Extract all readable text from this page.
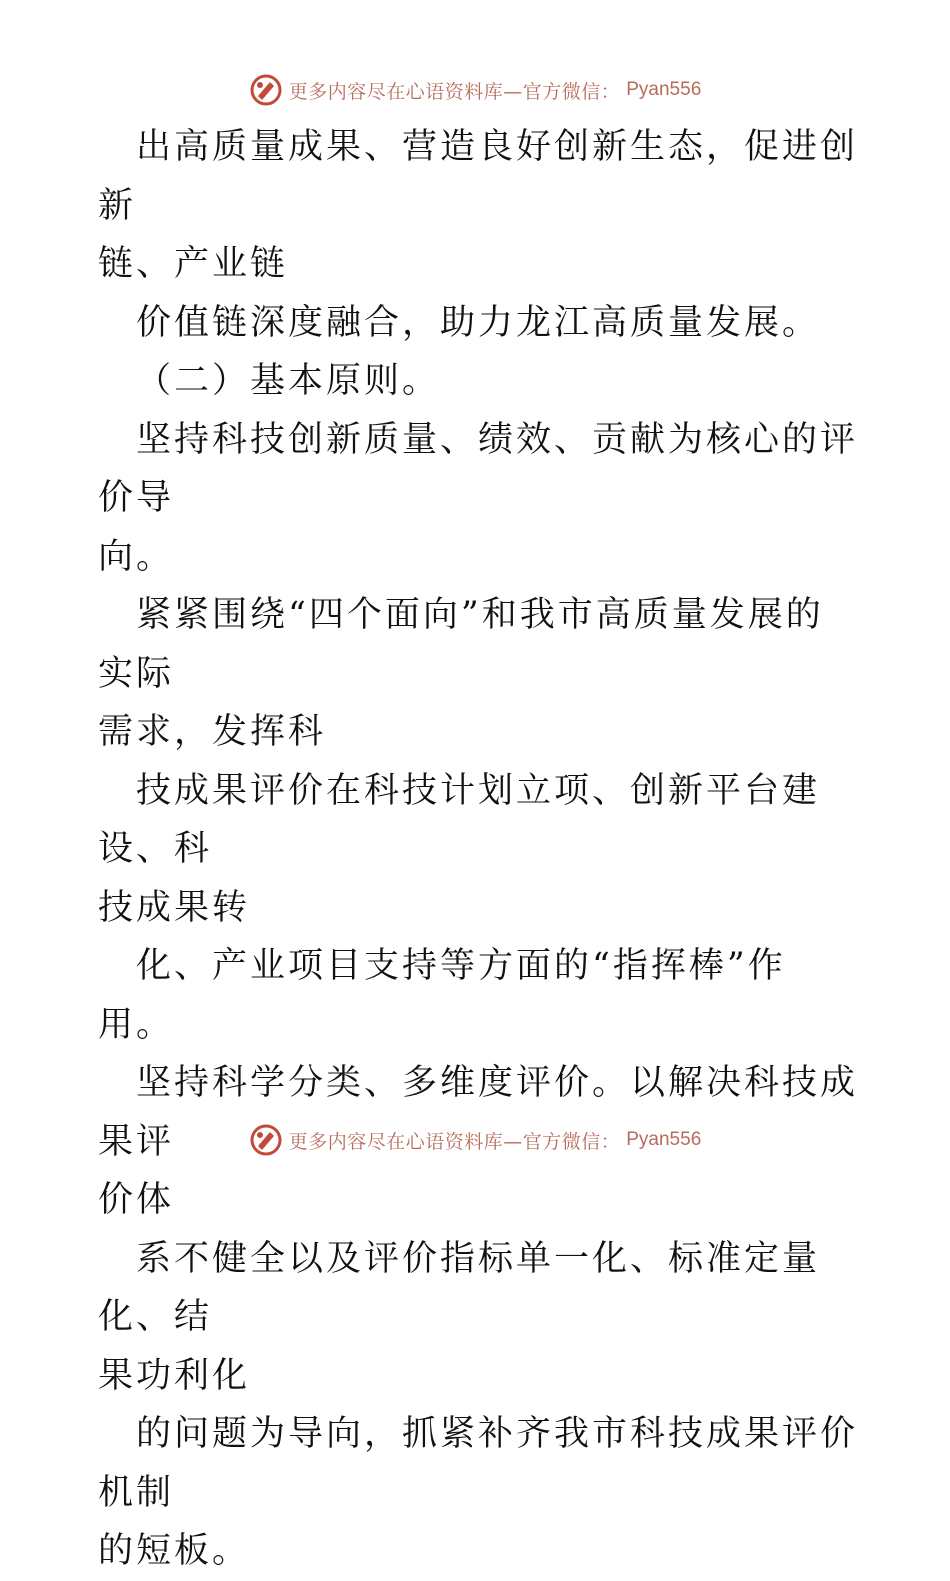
更多内容尽在心语资料库—官方微信： Pyan556

出高质量成果、营造良好创新生态，促进创新
链、产业链

价值链深度融合，助力龙江高质量发展。

（二）基本原则。

坚持科技创新质量、绩效、贡献为核心的评价导
向。

紧紧围绕“四个面向”和我市高质量发展的实际
需求，发挥科

技成果评价在科技计划立项、创新平台建设、科
技成果转

化、产业项目支持等方面的“指挥棒”作用。

坚持科学分类、多维度评价。以解决科技成果评
价体

系不健全以及评价指标单一化、标准定量化、结
果功利化

的问题为导向，抓紧补齐我市科技成果评价机制
的短板。

更多内容尽在心语资料库—官方微信： Pyan556
